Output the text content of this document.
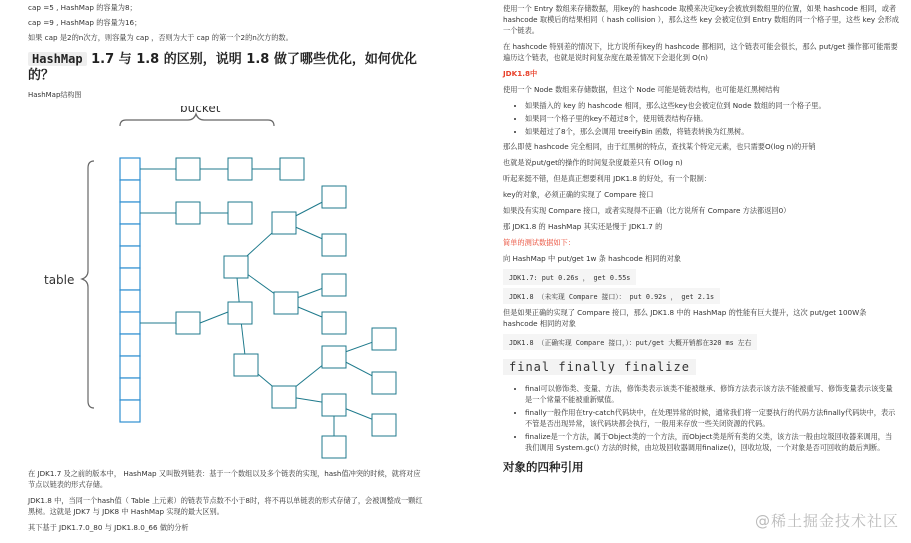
cap =5 , HashMap 的容量为8；
cap =9 , HashMap 的容量为16；
如果 cap 是2的n次方，则容量为 cap ，否则为大于 cap 的第一个2的n次方的数。
HashMap 1.7 与 1.8 的区别，说明 1.8 做了哪些优化，如何优化的？
HashMap结构图
bucket
table
在 JDK1.7 及之前的版本中， HashMap 又叫散列链表：基于一个数组以及多个链表的实现，hash值冲突的时候，就将对应节点以链表的形式存储。
JDK1.8 中，当同一个hash值（ Table 上元素）的链表节点数不小于8时，将不再以单链表的形式存储了，会被调整成一颗红黑树。这就是 JDK7 与 JDK8 中 HashMap 实现的最大区别。
其下基于 JDK1.7.0_80 与 JDK1.8.0_66 做的分析
使用一个 Entry 数组来存储数据，用key的 hashcode 取模来决定key会被放到数组里的位置，如果 hashcode 相同，或者 hashcode 取模后的结果相同（ hash collision ），那么这些 key 会被定位到 Entry 数组的同一个格子里，这些 key 会形成一个链表。
在 hashcode 特别差的情况下，比方说所有key的 hashcode 都相同，这个链表可能会很长，那么 put/get 操作都可能需要遍历这个链表，也就是说时间复杂度在最差情况下会退化到 O(n)
JDK1.8中
使用一个 Node 数组来存储数据，但这个 Node 可能是链表结构，也可能是红黑树结构
• 如果插入的 key 的 hashcode 相同，那么这些key也会被定位到 Node 数组的同一个格子里。
• 如果同一个格子里的key不超过8个，使用链表结构存储。
• 如果超过了8个，那么会调用 treeifyBin 函数，将链表转换为红黑树。
那么即使 hashcode 完全相同，由于红黑树的特点，查找某个特定元素，也只需要O(log n)的开销
也就是说put/get的操作的时间复杂度最差只有 O(log n)
听起来挺不错，但是真正想要利用 JDK1.8 的好处，有一个限制：
key的对象，必须正确的实现了 Compare 接口
如果没有实现 Compare 接口，或者实现得不正确（比方说所有 Compare 方法都返回0）
那 JDK1.8 的 HashMap 其实还是慢于 JDK1.7 的
简单的测试数据如下：
向 HashMap 中 put/get 1w 条 hashcode 相同的对象
JDK1.7: put 0.26s ， get 0.55s
JDK1.8 （未实现 Compare 接口）： put 0.92s ， get 2.1s
但是如果正确的实现了 Compare 接口，那么 JDK1.8 中的 HashMap 的性能有巨大提升，这次 put/get 100W条 hashcode 相同的对象
JDK1.8 （正确实现 Compare 接口，）：put/get 大概开销都在320 ms 左右
final finally finalize
• final可以修饰类、变量、方法，修饰类表示该类不能被继承、修饰方法表示该方法不能被重写、修饰变量表示该变量是一个常量不能被重新赋值。
• finally一般作用在try-catch代码块中，在处理异常的时候，通常我们将一定要执行的代码方法finally代码块中，表示不管是否出现异常，该代码块都会执行，一般用来存放一些关闭资源的代码。
• finalize是一个方法，属于Object类的一个方法，而Object类是所有类的父类，该方法一般由垃圾回收器来调用，当我们调用 System.gc() 方法的时候，由垃圾回收器调用finalize()，回收垃圾，一个对象是否可回收的最后判断。
对象的四种引用
@稀土掘金技术社区
